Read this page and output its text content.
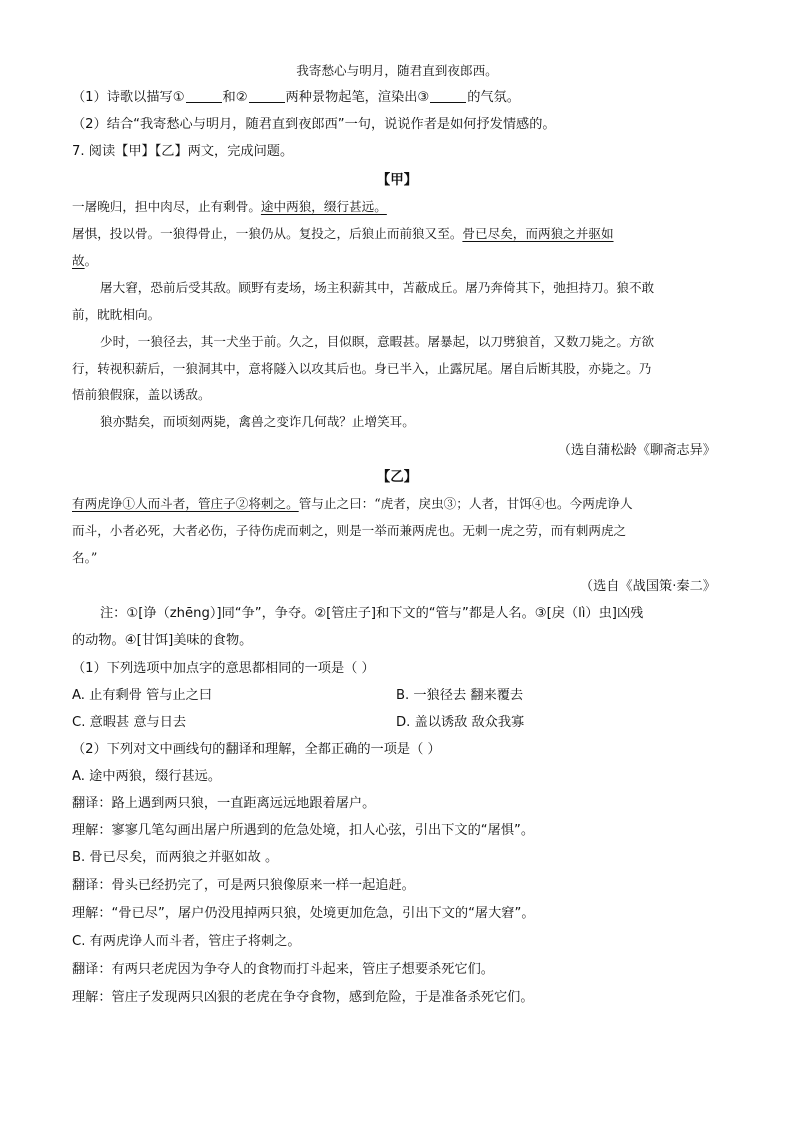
我寄愁心与明月，随君直到夜郎西。
（1）诗歌以描写①	和②	两种景物起笔，渲染出③	的气氛。
（2）结合“我寄愁心与明月，随君直到夜郎西”一句，说说作者是如何抒发情感的。
7. 阅读【甲】【乙】两文，完成问题。
【甲】
一屠晚归，担中肉尽，止有剩骨。途中两狼，缀行甚远。
屠惧，投以骨。一狼得骨止，一狼仍从。复投之，后狼止而前狼又至。骨已尽矣，而两狼之并驱如
故。
屠大窘，恐前后受其敌。顾野有麦场，场主积薪其中，苫蔽成丘。屠乃奔倚其下，弛担持刀。狼不敢
前，眈眈相向。
少时，一狼径去，其一犬坐于前。久之，目似瞑，意暇甚。屠暴起，以刀劈狼首，又数刀毙之。方欲
行，转视积薪后，一狼洞其中，意将隧入以攻其后也。身已半入，止露尻尾。屠自后断其股，亦毙之。乃
悟前狼假寐，盖以诱敌。
狼亦黠矣，而顷刻两毙，禽兽之变诈几何哉？止增笑耳。
（选自蒲松龄《聊斋志异》
【乙】
有两虎诤①人而斗者，管庄子②将刺之。管与止之曰：“虎者，戾虫③；人者，甘饵④也。今两虎诤人
而斗，小者必死，大者必伤，子待伤虎而刺之，则是一举而兼两虎也。无刺一虎之劳，而有刺两虎之
名。”
（选自《战国策·秦二》
注：①[诤（zhēng）]同“争”，争夺。②[管庄子]和下文的“管与”都是人名。③[戾（lì）虫]凶残
的动物。④[甘饵]美味的食物。
（1）下列选项中加点字的意思都相同的一项是（ ）
A. 止有剩骨 管与止之曰	B. 一狼径去 翻来覆去
C. 意暇甚 意与日去	D. 盖以诱敌 敌众我寡
（2）下列对文中画线句的翻译和理解，全都正确的一项是（ ）
A. 途中两狼，缀行甚远。
翻译：路上遇到两只狼，一直距离远远地跟着屠户。
理解：寥寥几笔勾画出屠户所遇到的危急处境，扣人心弦，引出下文的“屠惧”。
B. 骨已尽矣，而两狼之并驱如故 。
翻译：骨头已经扔完了，可是两只狼像原来一样一起追赶。
理解：“骨已尽”，屠户仍没甩掉两只狼，处境更加危急，引出下文的“屠大窘”。
C. 有两虎诤人而斗者，管庄子将刺之。
翻译：有两只老虎因为争夺人的食物而打斗起来，管庄子想要杀死它们。
理解：管庄子发现两只凶狠的老虎在争夺食物，感到危险，于是准备杀死它们。
